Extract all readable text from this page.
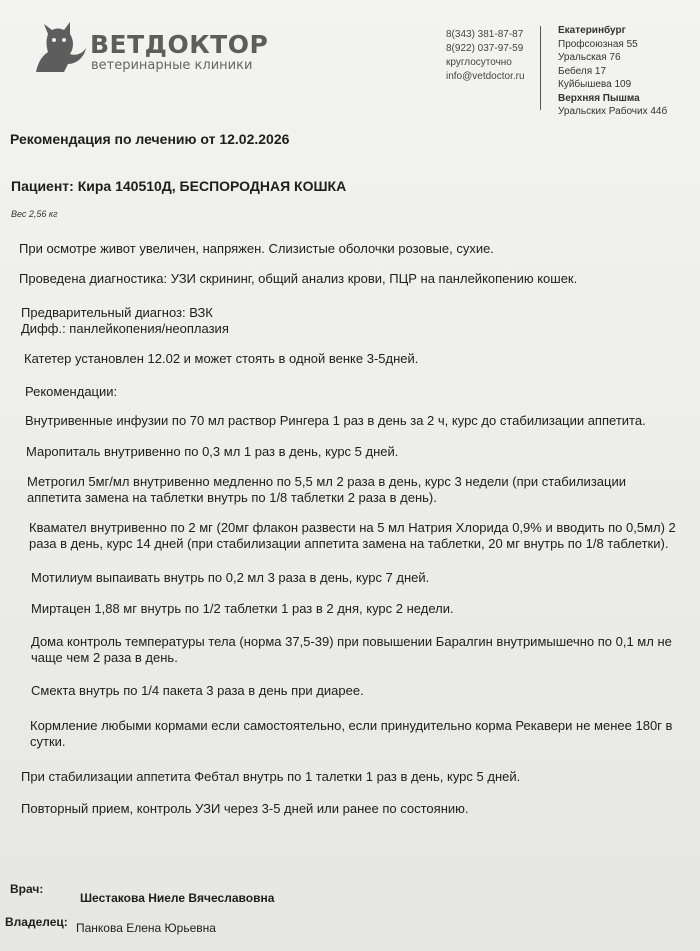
ВЕТДОКТОР
ветеринарные клиники
8(343) 381-87-87
8(922) 037-97-59
круглосуточно
info@vetdoctor.ru
Екатеринбург
Профсоюзная 55
Уральская 76
Бебеля 17
Куйбышева 109
Верхняя Пышма
Уральских Рабочих 44б
Рекомендация по лечению от 12.02.2026
Пациент: Кира 140510Д, БЕСПОРОДНАЯ КОШКА
Вес 2,56 кг
При осмотре живот увеличен, напряжен. Слизистые оболочки розовые, сухие.
Проведена диагностика: УЗИ скрининг, общий анализ крови, ПЦР на панлейкопению кошек.
Предварительный диагноз: ВЗК
Дифф.: панлейкопения/неоплазия
Катетер установлен 12.02 и может стоять в одной венке 3-5дней.
Рекомендации:
Внутривенные инфузии по 70 мл раствор Рингера 1 раз в день за 2 ч, курс до стабилизации аппетита.
Маропиталь внутривенно по 0,3 мл 1 раз в день, курс 5 дней.
Метрогил 5мг/мл внутривенно медленно по 5,5 мл 2 раза в день, курс 3 недели (при стабилизации
аппетита замена на таблетки внутрь по 1/8 таблетки 2 раза в день).
Квамател внутривенно по 2 мг (20мг флакон развести на 5 мл Натрия Хлорида 0,9% и вводить по 0,5мл) 2
раза в день, курс 14 дней (при стабилизации аппетита замена на таблетки, 20 мг внутрь по 1/8 таблетки).
Мотилиум выпаивать внутрь по 0,2 мл 3 раза в день, курс 7 дней.
Миртацен 1,88 мг внутрь по 1/2 таблетки 1 раз в 2 дня, курс 2 недели.
Дома контроль температуры тела (норма 37,5-39) при повышении Баралгин внутримышечно по 0,1 мл не
чаще чем 2 раза в день.
Смекта внутрь по 1/4 пакета 3 раза в день при диарее.
Кормление любыми кормами если самостоятельно, если принудительно корма Рекавери не менее 180г в
сутки.
При стабилизации аппетита Фебтал внутрь по 1 талетки 1 раз в день, курс 5 дней.
Повторный прием, контроль УЗИ через 3-5 дней или ранее по состоянию.
Врач:
Шестакова Ниеле Вячеславовна
Владелец: Панкова Елена Юрьевна
